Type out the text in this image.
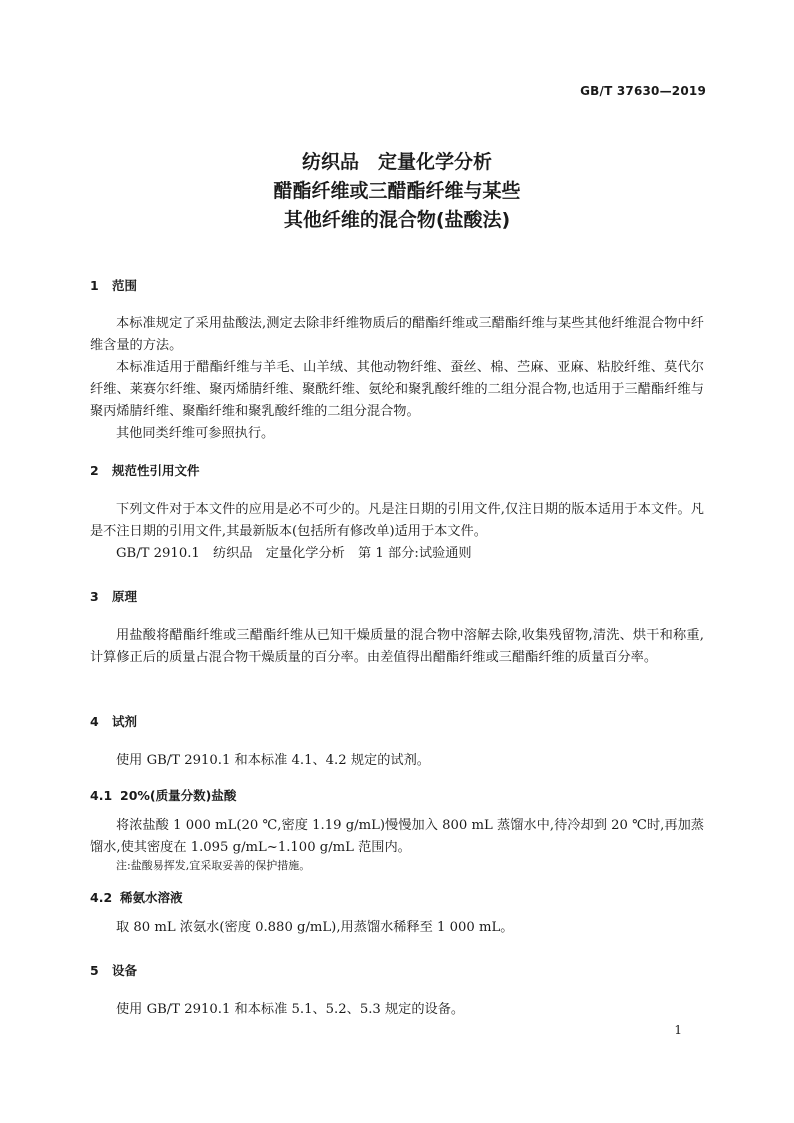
GB/T 37630—2019
纺织品　定量化学分析
醋酯纤维或三醋酯纤维与某些
其他纤维的混合物(盐酸法)
1 范围
本标准规定了采用盐酸法,测定去除非纤维物质后的醋酯纤维或三醋酯纤维与某些其他纤维混合物中纤维含量的方法。
本标准适用于醋酯纤维与羊毛、山羊绒、其他动物纤维、蚕丝、棉、苎麻、亚麻、粘胶纤维、莫代尔纤维、莱赛尔纤维、聚丙烯腈纤维、聚酰纤维、氨纶和聚乳酸纤维的二组分混合物,也适用于三醋酯纤维与聚丙烯腈纤维、聚酯纤维和聚乳酸纤维的二组分混合物。
其他同类纤维可参照执行。
2 规范性引用文件
下列文件对于本文件的应用是必不可少的。凡是注日期的引用文件,仅注日期的版本适用于本文件。凡是不注日期的引用文件,其最新版本(包括所有修改单)适用于本文件。
GB/T 2910.1　纺织品　定量化学分析　第 1 部分:试验通则
3 原理
用盐酸将醋酯纤维或三醋酯纤维从已知干燥质量的混合物中溶解去除,收集残留物,清洗、烘干和称重,计算修正后的质量占混合物干燥质量的百分率。由差值得出醋酯纤维或三醋酯纤维的质量百分率。
4 试剂
使用 GB/T 2910.1 和本标准 4.1、4.2 规定的试剂。
4.1 20%(质量分数)盐酸
将浓盐酸 1 000 mL(20 ℃,密度 1.19 g/mL)慢慢加入 800 mL 蒸馏水中,待冷却到 20 ℃时,再加蒸馏水,使其密度在 1.095 g/mL~1.100 g/mL 范围内。
注:盐酸易挥发,宜采取妥善的保护措施。
4.2 稀氨水溶液
取 80 mL 浓氨水(密度 0.880 g/mL),用蒸馏水稀释至 1 000 mL。
5 设备
使用 GB/T 2910.1 和本标准 5.1、5.2、5.3 规定的设备。
1
